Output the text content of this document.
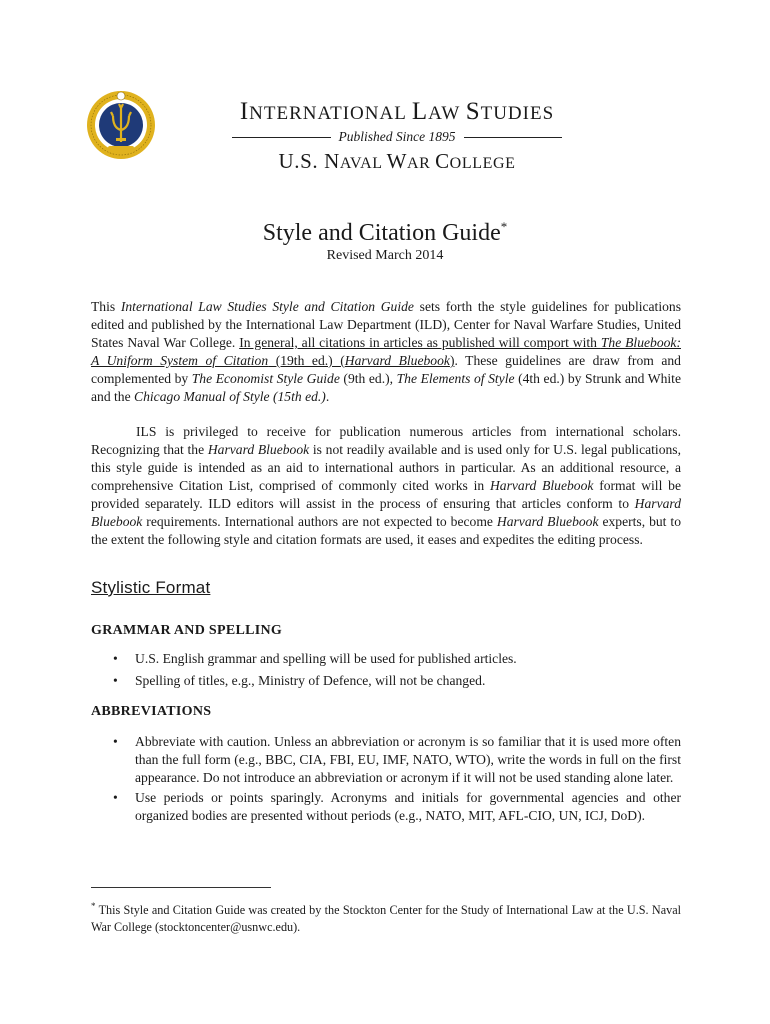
INTERNATIONAL LAW STUDIES
Published Since 1895
U.S. NAVAL WAR COLLEGE
Style and Citation Guide*
Revised March 2014
This International Law Studies Style and Citation Guide sets forth the style guidelines for publications edited and published by the International Law Department (ILD), Center for Naval Warfare Studies, United States Naval War College. In general, all citations in articles as published will comport with The Bluebook: A Uniform System of Citation (19th ed.) (Harvard Bluebook). These guidelines are draw from and complemented by The Economist Style Guide (9th ed.), The Elements of Style (4th ed.) by Strunk and White and the Chicago Manual of Style (15th ed.).
ILS is privileged to receive for publication numerous articles from international scholars. Recognizing that the Harvard Bluebook is not readily available and is used only for U.S. legal publications, this style guide is intended as an aid to international authors in particular. As an additional resource, a comprehensive Citation List, comprised of commonly cited works in Harvard Bluebook format will be provided separately. ILD editors will assist in the process of ensuring that articles conform to Harvard Bluebook requirements. International authors are not expected to become Harvard Bluebook experts, but to the extent the following style and citation formats are used, it eases and expedites the editing process.
Stylistic Format
GRAMMAR AND SPELLING
• U.S. English grammar and spelling will be used for published articles.
• Spelling of titles, e.g., Ministry of Defence, will not be changed.
ABBREVIATIONS
• Abbreviate with caution. Unless an abbreviation or acronym is so familiar that it is used more often than the full form (e.g., BBC, CIA, FBI, EU, IMF, NATO, WTO), write the words in full on the first appearance. Do not introduce an abbreviation or acronym if it will not be used standing alone later.
• Use periods or points sparingly. Acronyms and initials for governmental agencies and other organized bodies are presented without periods (e.g., NATO, MIT, AFL-CIO, UN, ICJ, DoD).
* This Style and Citation Guide was created by the Stockton Center for the Study of International Law at the U.S. Naval War College (stocktoncenter@usnwc.edu).
